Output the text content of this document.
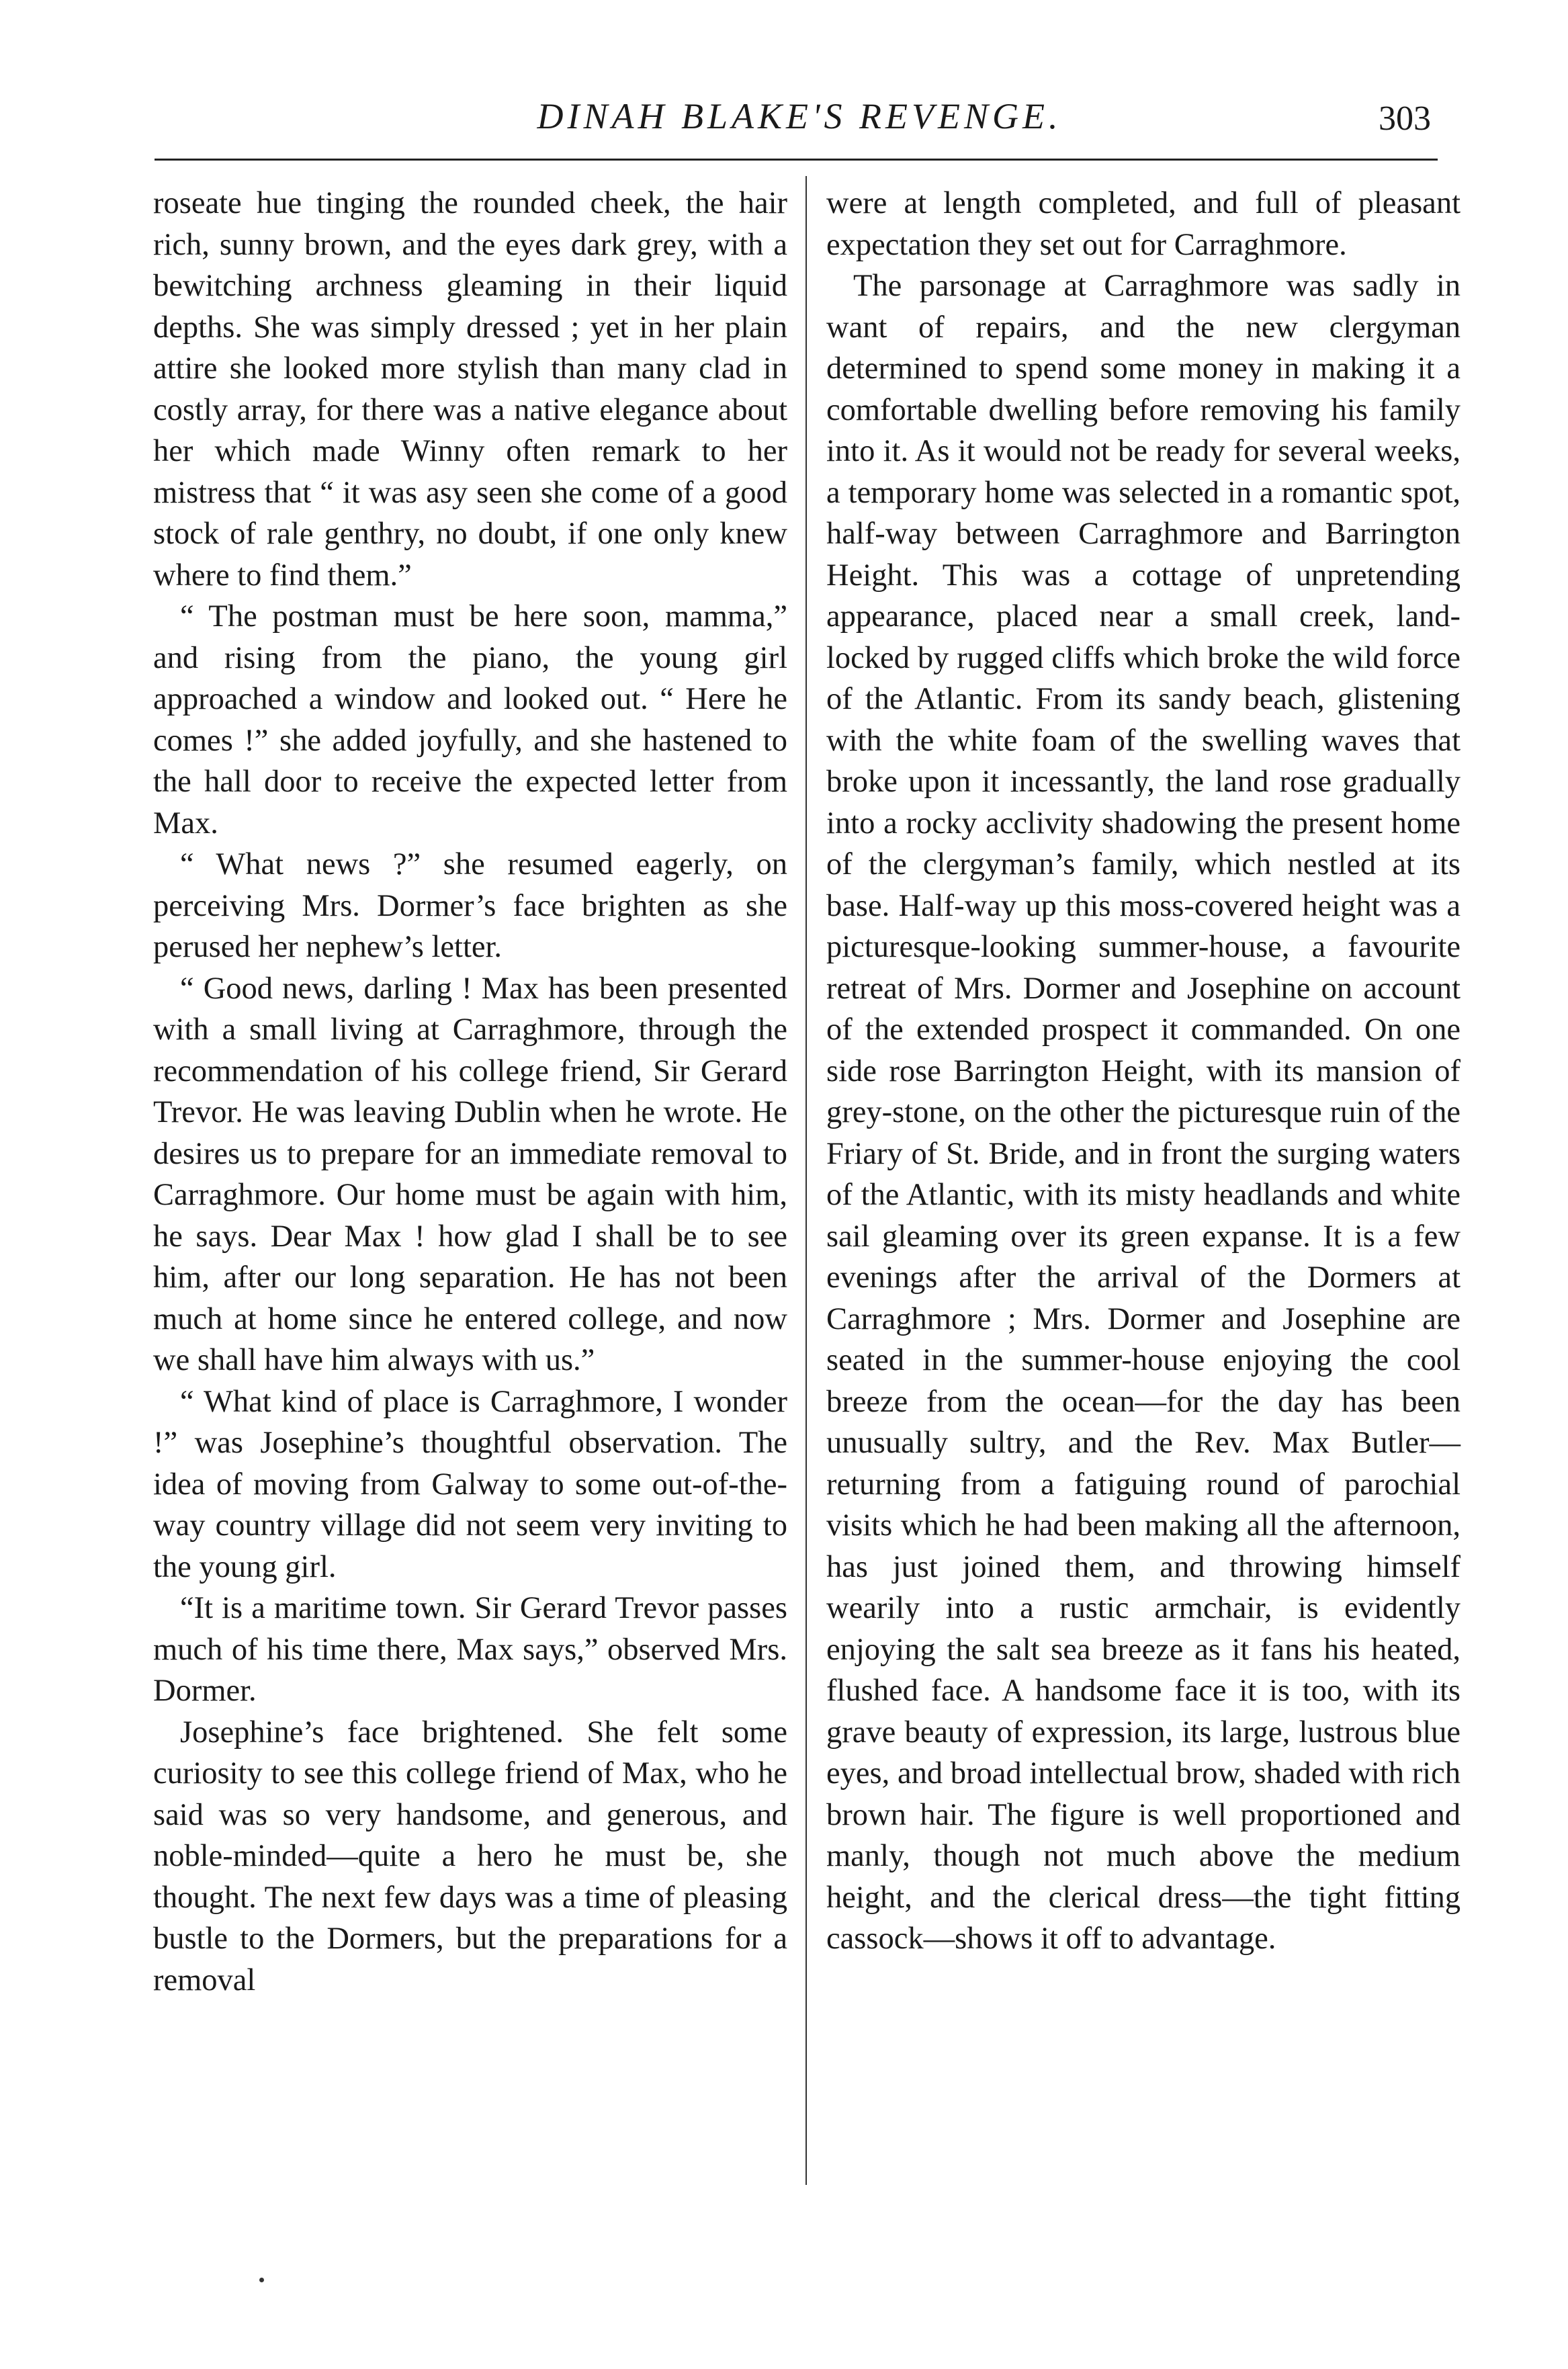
DINAH BLAKE'S REVENGE.	303

roseate hue tinging the rounded cheek, the hair rich, sunny brown, and the eyes dark grey, with a bewitching archness gleaming in their liquid depths. She was simply dressed ; yet in her plain attire she looked more stylish than many clad in costly array, for there was a native elegance about her which made Winny often remark to her mistress that “ it was asy seen she come of a good stock of rale genthry, no doubt, if one only knew where to find them.”

“ The postman must be here soon, mamma,” and rising from the piano, the young girl approached a window and looked out. “ Here he comes !” she added joyfully, and she hastened to the hall door to receive the expected letter from Max.

“ What news ?” she resumed eagerly, on perceiving Mrs. Dormer’s face brighten as she perused her nephew’s letter.

“ Good news, darling ! Max has been presented with a small living at Carraghmore, through the recommendation of his college friend, Sir Gerard Trevor. He was leaving Dublin when he wrote. He desires us to prepare for an immediate removal to Carraghmore. Our home must be again with him, he says. Dear Max ! how glad I shall be to see him, after our long separation. He has not been much at home since he entered college, and now we shall have him always with us.”

“ What kind of place is Carraghmore, I wonder !” was Josephine’s thoughtful observation. The idea of moving from Galway to some out-of-the-way country village did not seem very inviting to the young girl.

“It is a maritime town. Sir Gerard Trevor passes much of his time there, Max says,” observed Mrs. Dormer.

Josephine’s face brightened. She felt some curiosity to see this college friend of Max, who he said was so very handsome, and generous, and noble-minded—quite a hero he must be, she thought. The next few days was a time of pleasing bustle to the Dormers, but the preparations for a removal

were at length completed, and full of pleasant expectation they set out for Carraghmore.

The parsonage at Carraghmore was sadly in want of repairs, and the new clergyman determined to spend some money in making it a comfortable dwelling before removing his family into it. As it would not be ready for several weeks, a temporary home was selected in a romantic spot, half-way between Carraghmore and Barrington Height. This was a cottage of unpretending appearance, placed near a small creek, land-locked by rugged cliffs which broke the wild force of the Atlantic. From its sandy beach, glistening with the white foam of the swelling waves that broke upon it incessantly, the land rose gradually into a rocky acclivity shadowing the present home of the clergyman’s family, which nestled at its base. Half-way up this moss-covered height was a picturesque-looking summer-house, a favourite retreat of Mrs. Dormer and Josephine on account of the extended prospect it commanded. On one side rose Barrington Height, with its mansion of grey-stone, on the other the picturesque ruin of the Friary of St. Bride, and in front the surging waters of the Atlantic, with its misty headlands and white sail gleaming over its green expanse. It is a few evenings after the arrival of the Dormers at Carraghmore ; Mrs. Dormer and Josephine are seated in the summer-house enjoying the cool breeze from the ocean—for the day has been unusually sultry, and the Rev. Max Butler—returning from a fatiguing round of parochial visits which he had been making all the afternoon, has just joined them, and throwing himself wearily into a rustic armchair, is evidently enjoying the salt sea breeze as it fans his heated, flushed face. A handsome face it is too, with its grave beauty of expression, its large, lustrous blue eyes, and broad intellectual brow, shaded with rich brown hair. The figure is well proportioned and manly, though not much above the medium height, and the clerical dress—the tight fitting cassock—shows it off to advantage.
